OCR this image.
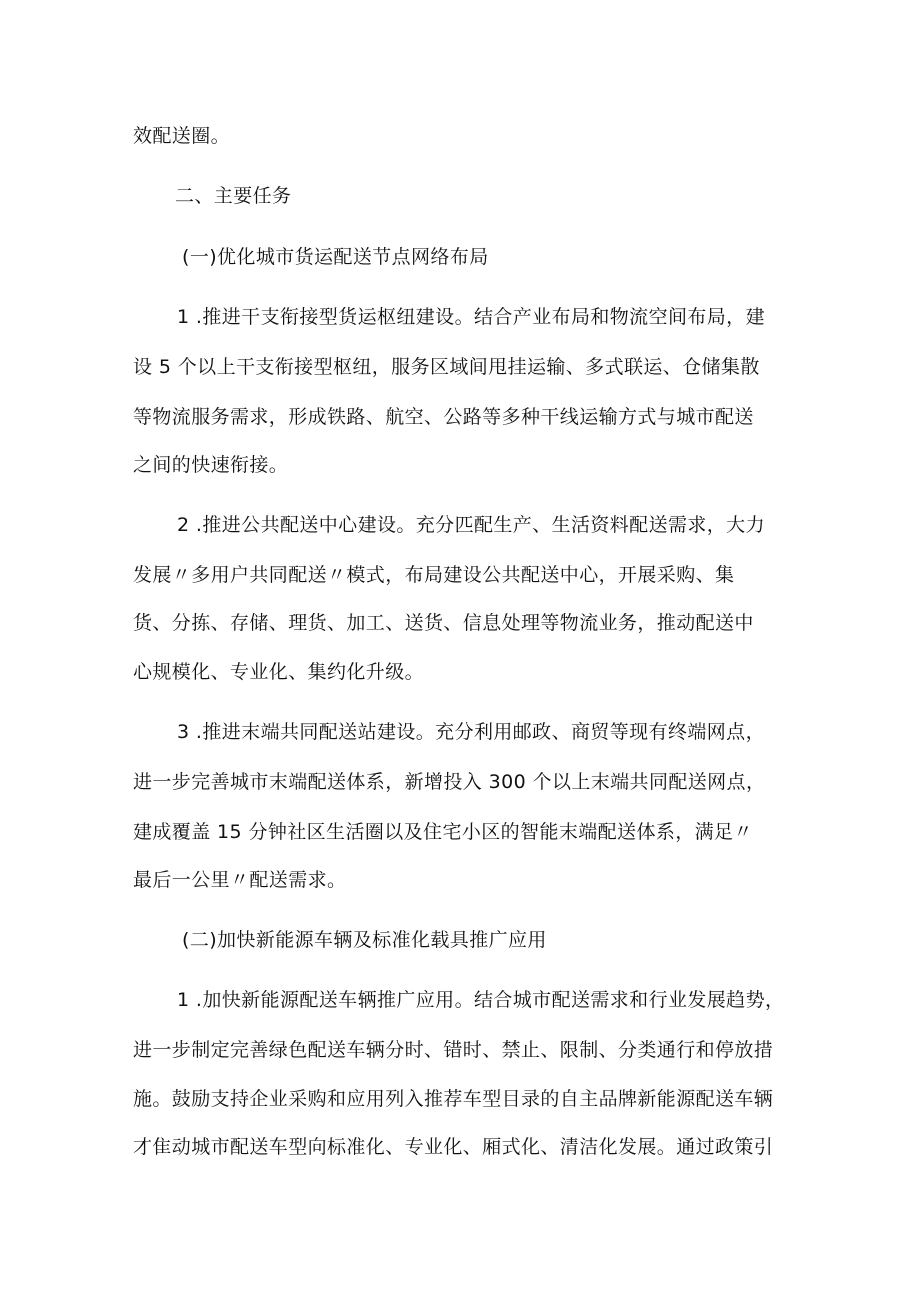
效配送圈。
二、主要任务
(一)优化城市货运配送节点网络布局
1 .推进干支衔接型货运枢纽建设。结合产业布局和物流空间布局，建
设 5 个以上干支衔接型枢纽，服务区域间甩挂运输、多式联运、仓储集散
等物流服务需求，形成铁路、航空、公路等多种干线运输方式与城市配送
之间的快速衔接。
2 .推进公共配送中心建设。充分匹配生产、生活资料配送需求，大力
发展〃多用户共同配送〃模式，布局建设公共配送中心，开展采购、集
货、分拣、存储、理货、加工、送货、信息处理等物流业务，推动配送中
心规模化、专业化、集约化升级。
3 .推进末端共同配送站建设。充分利用邮政、商贸等现有终端网点，
进一步完善城市末端配送体系，新增投入 300 个以上末端共同配送网点，
建成覆盖 15 分钟社区生活圈以及住宅小区的智能末端配送体系，满足〃
最后一公里〃配送需求。
(二)加快新能源车辆及标准化载具推广应用
1 .加快新能源配送车辆推广应用。结合城市配送需求和行业发展趋势，
进一步制定完善绿色配送车辆分时、错时、禁止、限制、分类通行和停放措
施。鼓励支持企业采购和应用列入推荐车型目录的自主品牌新能源配送车辆
才隹动城市配送车型向标准化、专业化、厢式化、清洁化发展。通过政策引
